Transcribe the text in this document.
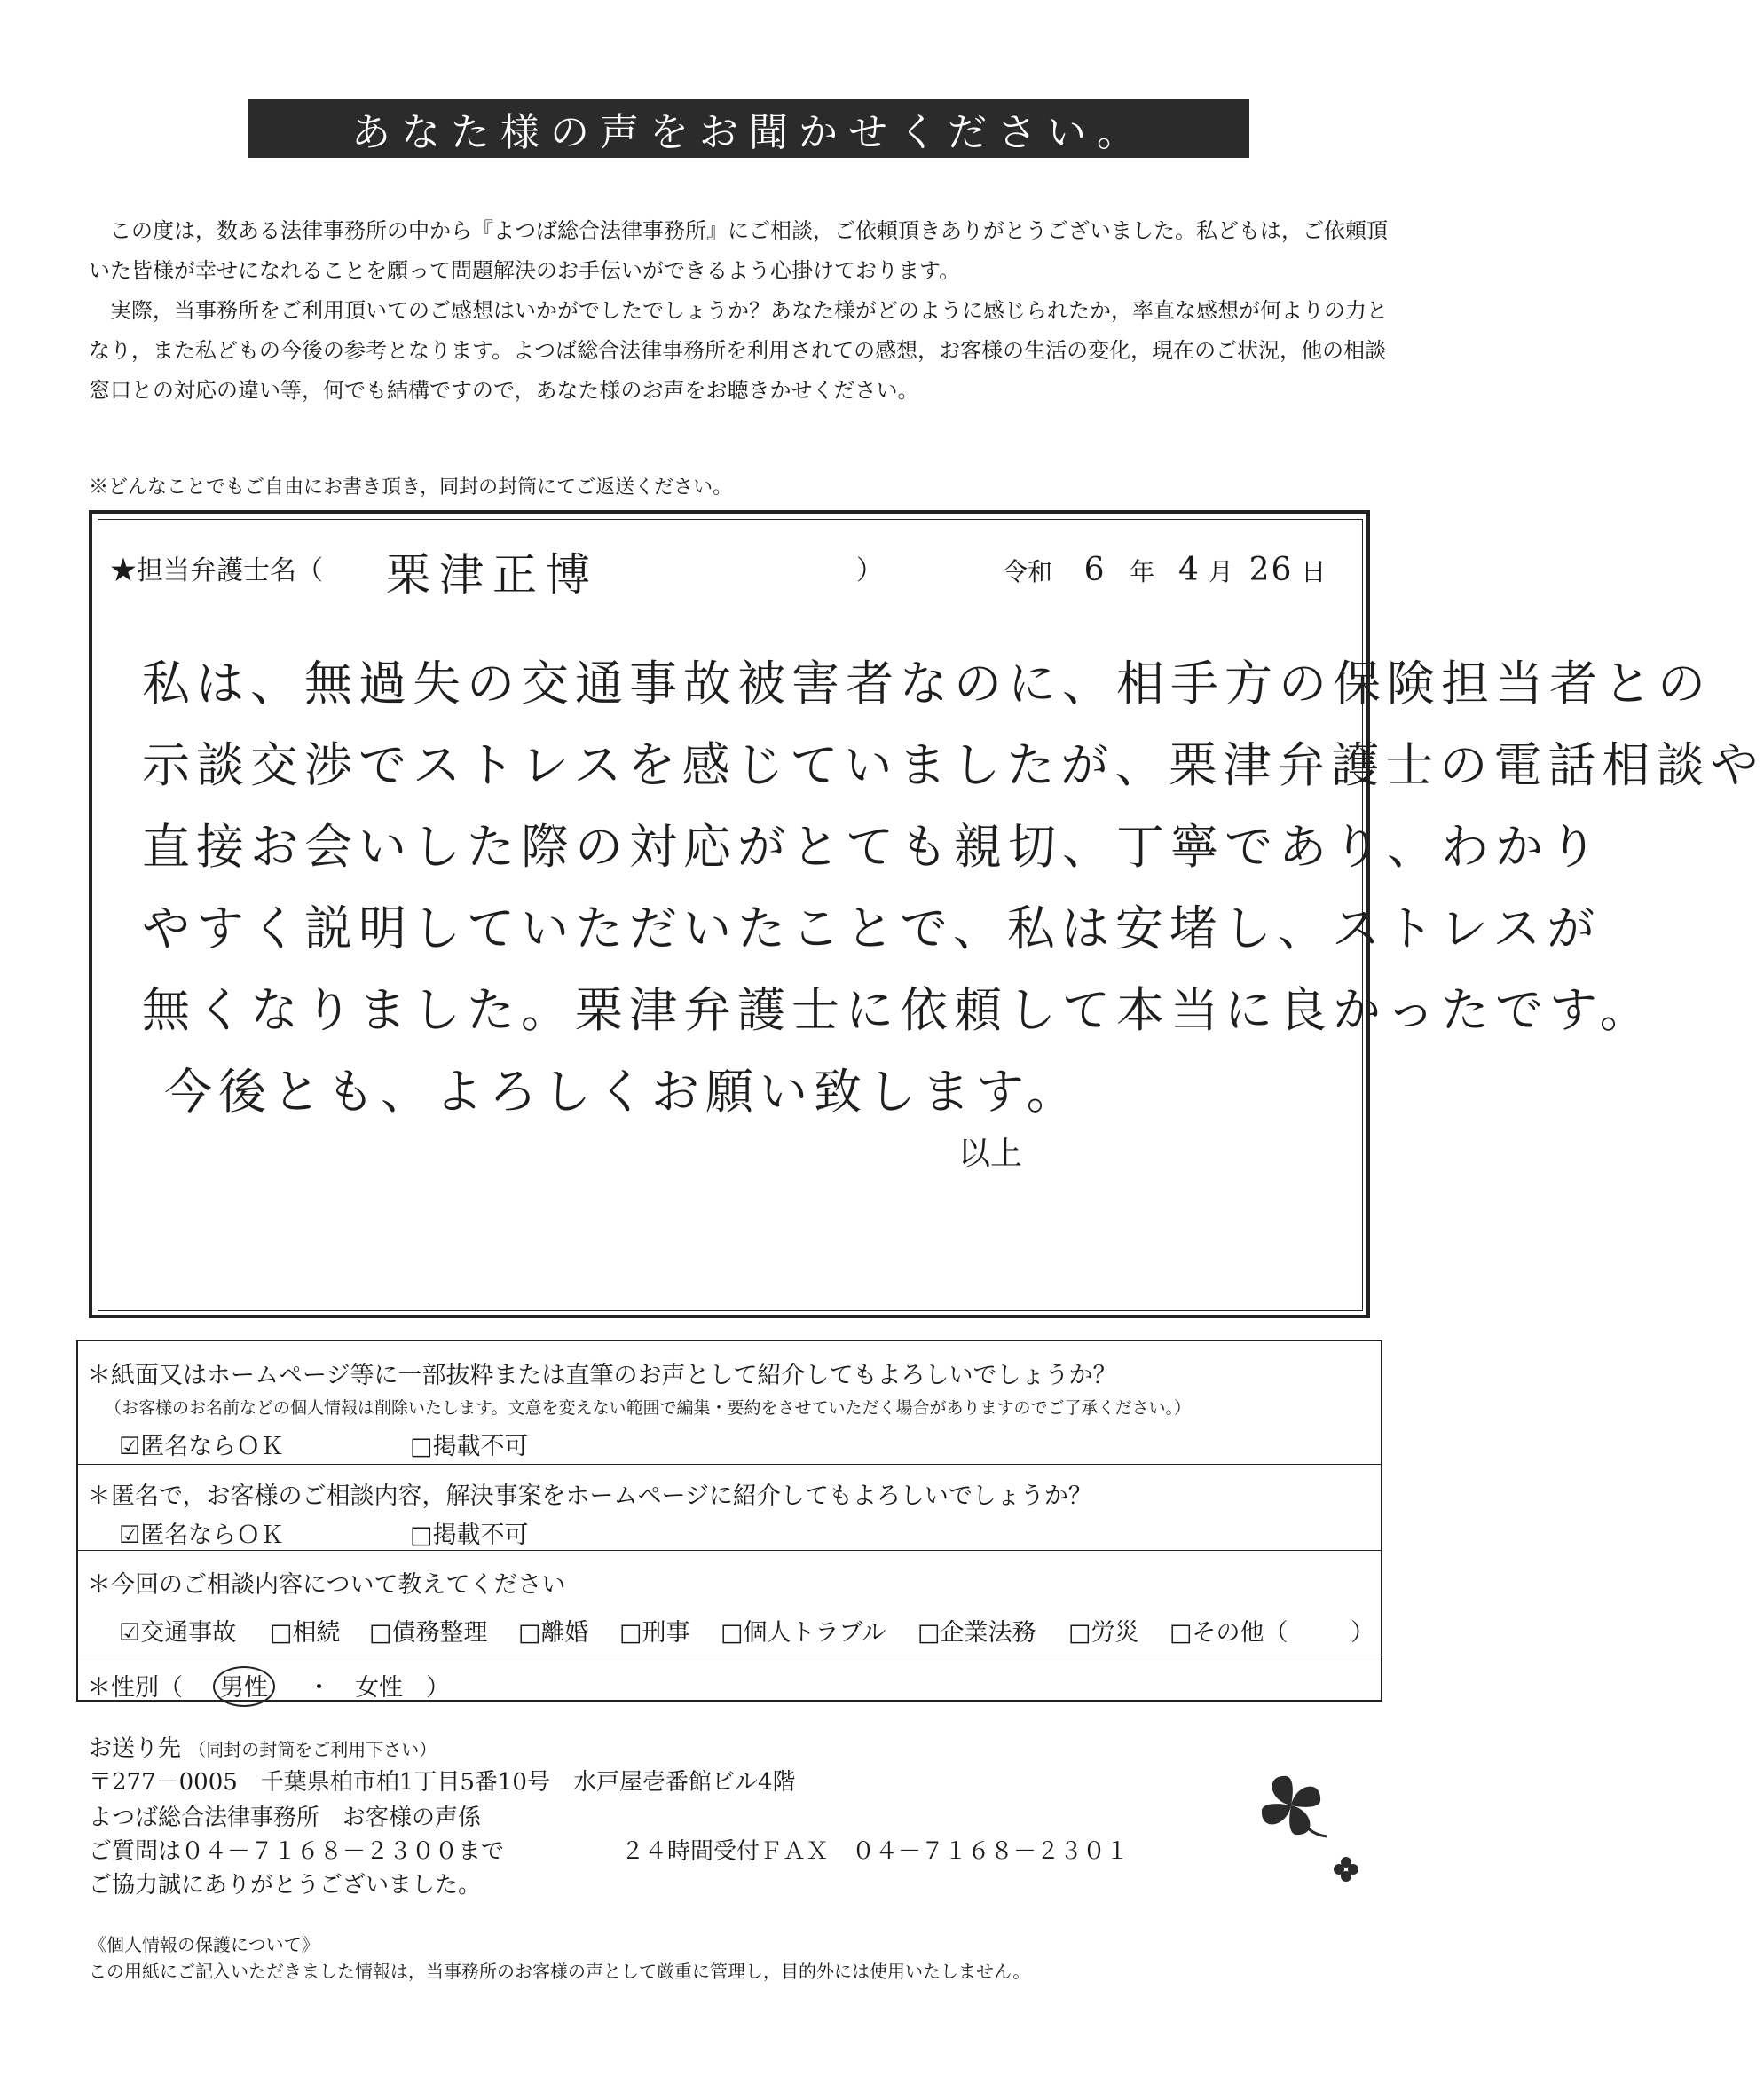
あなた様の声をお聞かせください。

この度は，数ある法律事務所の中から『よつば総合法律事務所』にご相談，ご依頼頂きありがとうございました。私どもは，ご依頼頂いた皆様が幸せになれることを願って問題解決のお手伝いができるよう心掛けております。

実際，当事務所をご利用頂いてのご感想はいかがでしたでしょうか？あなた様がどのように感じられたか，率直な感想が何よりの力となり，また私どもの今後の参考となります。よつば総合法律事務所を利用されての感想，お客様の生活の変化，現在のご状況，他の相談窓口との対応の違い等，何でも結構ですので，あなた様のお声をお聴きかせください。

※どんなことでもご自由にお書き頂き，同封の封筒にてご返送ください。
★担当弁護士名（ 栗津正博	）	令和 6 年 4 月 26 日
私は、無過失の交通事故被害者なのに、相手方の保険担当者との
示談交渉でストレスを感じていましたが、栗津弁護士の電話相談や
直接お会いした際の対応がとても親切、丁寧であり、わかり
やすく説明していただいたことで、私は安堵し、ストレスが
無くなりました。栗津弁護士に依頼して本当に良かったです。
今後とも、よろしくお願い致します。
以上
＊紙面又はホームページ等に一部抜粋または直筆のお声として紹介してもよろしいでしょうか？
（お客様のお名前などの個人情報は削除いたします。文意を変えない範囲で編集・要約をさせていただく場合がありますのでご了承ください。）
☑匿名ならＯＫ	□掲載不可
＊匿名で，お客様のご相談内容，解決事案をホームページに紹介してもよろしいでしょうか？
☑匿名ならＯＫ	□掲載不可
＊今回のご相談内容について教えてください
☑交通事故 □相続 □債務整理 □離婚 □刑事 □個人トラブル □企業法務 □労災 □その他（	）
＊性別（ 男性 ・ 女性 ）
お送り先 （同封の封筒をご利用下さい）
〒277－0005　千葉県柏市柏1丁目5番10号　水戸屋壱番館ビル4階
よつば総合法律事務所　お客様の声係
ご質問は０４－７１６８－２３００まで	２４時間受付ＦＡＸ　０４－７１６８－２３０１
ご協力誠にありがとうございました。
《個人情報の保護について》
この用紙にご記入いただきました情報は，当事務所のお客様の声として厳重に管理し，目的外には使用いたしません。
